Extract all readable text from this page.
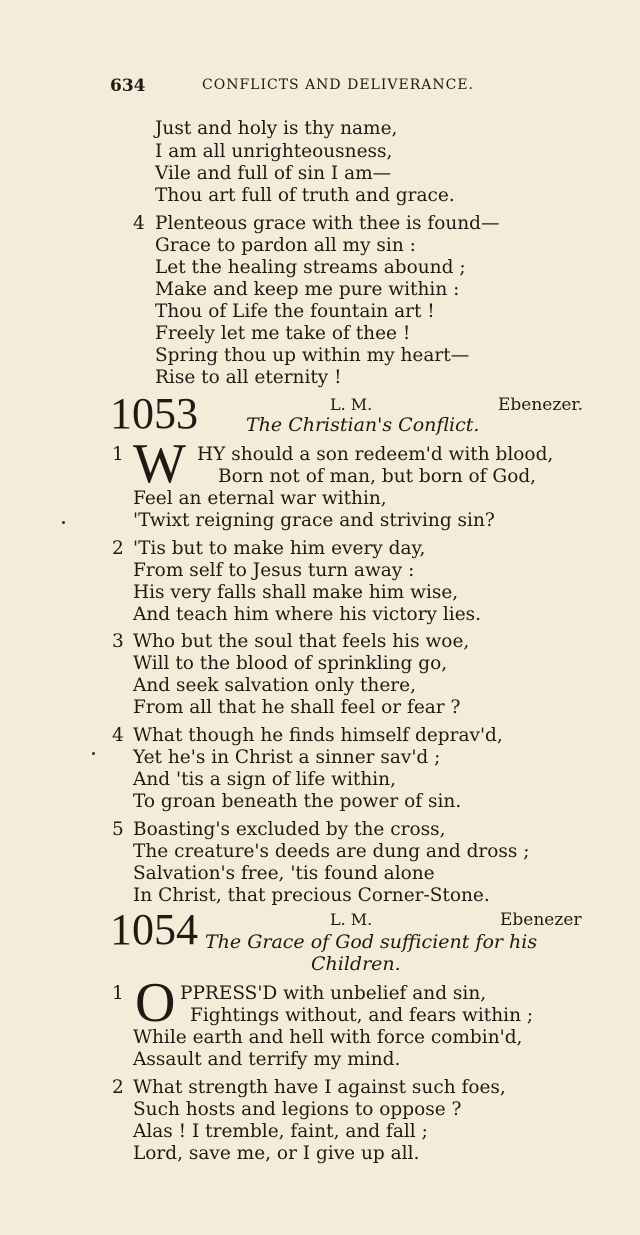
634	CONFLICTS AND DELIVERANCE.
Just and holy is thy name,
I am all unrighteousness,
Vile and full of sin I am—
Thou art full of truth and grace.
4 Plenteous grace with thee is found—
Grace to pardon all my sin :
Let the healing streams abound ;
Make and keep me pure within :
Thou of Life the fountain art !
Freely let me take of thee !
Spring thou up within my heart—
Rise to all eternity !
1053	L. M.	Ebenezer.
The Christian's Conflict.
1 W HY should a son redeem'd with blood,
Born not of man, but born of God,
Feel an eternal war within,
'Twixt reigning grace and striving sin?
2 'Tis but to make him every day,
From self to Jesus turn away :
His very falls shall make him wise,
And teach him where his victory lies.
3 Who but the soul that feels his woe,
Will to the blood of sprinkling go,
And seek salvation only there,
From all that he shall feel or fear ?
4 What though he finds himself deprav'd,
Yet he's in Christ a sinner sav'd ;
And 'tis a sign of life within,
To groan beneath the power of sin.
5 Boasting's excluded by the cross,
The creature's deeds are dung and dross ;
Salvation's free, 'tis found alone
In Christ, that precious Corner-Stone.
1054	L. M.	Ebenezer
The Grace of God sufficient for his
Children.
1 O PPRESS'D with unbelief and sin,
Fightings without, and fears within ;
While earth and hell with force combin'd,
Assault and terrify my mind.
2 What strength have I against such foes,
Such hosts and legions to oppose ?
Alas ! I tremble, faint, and fall ;
Lord, save me, or I give up all.
